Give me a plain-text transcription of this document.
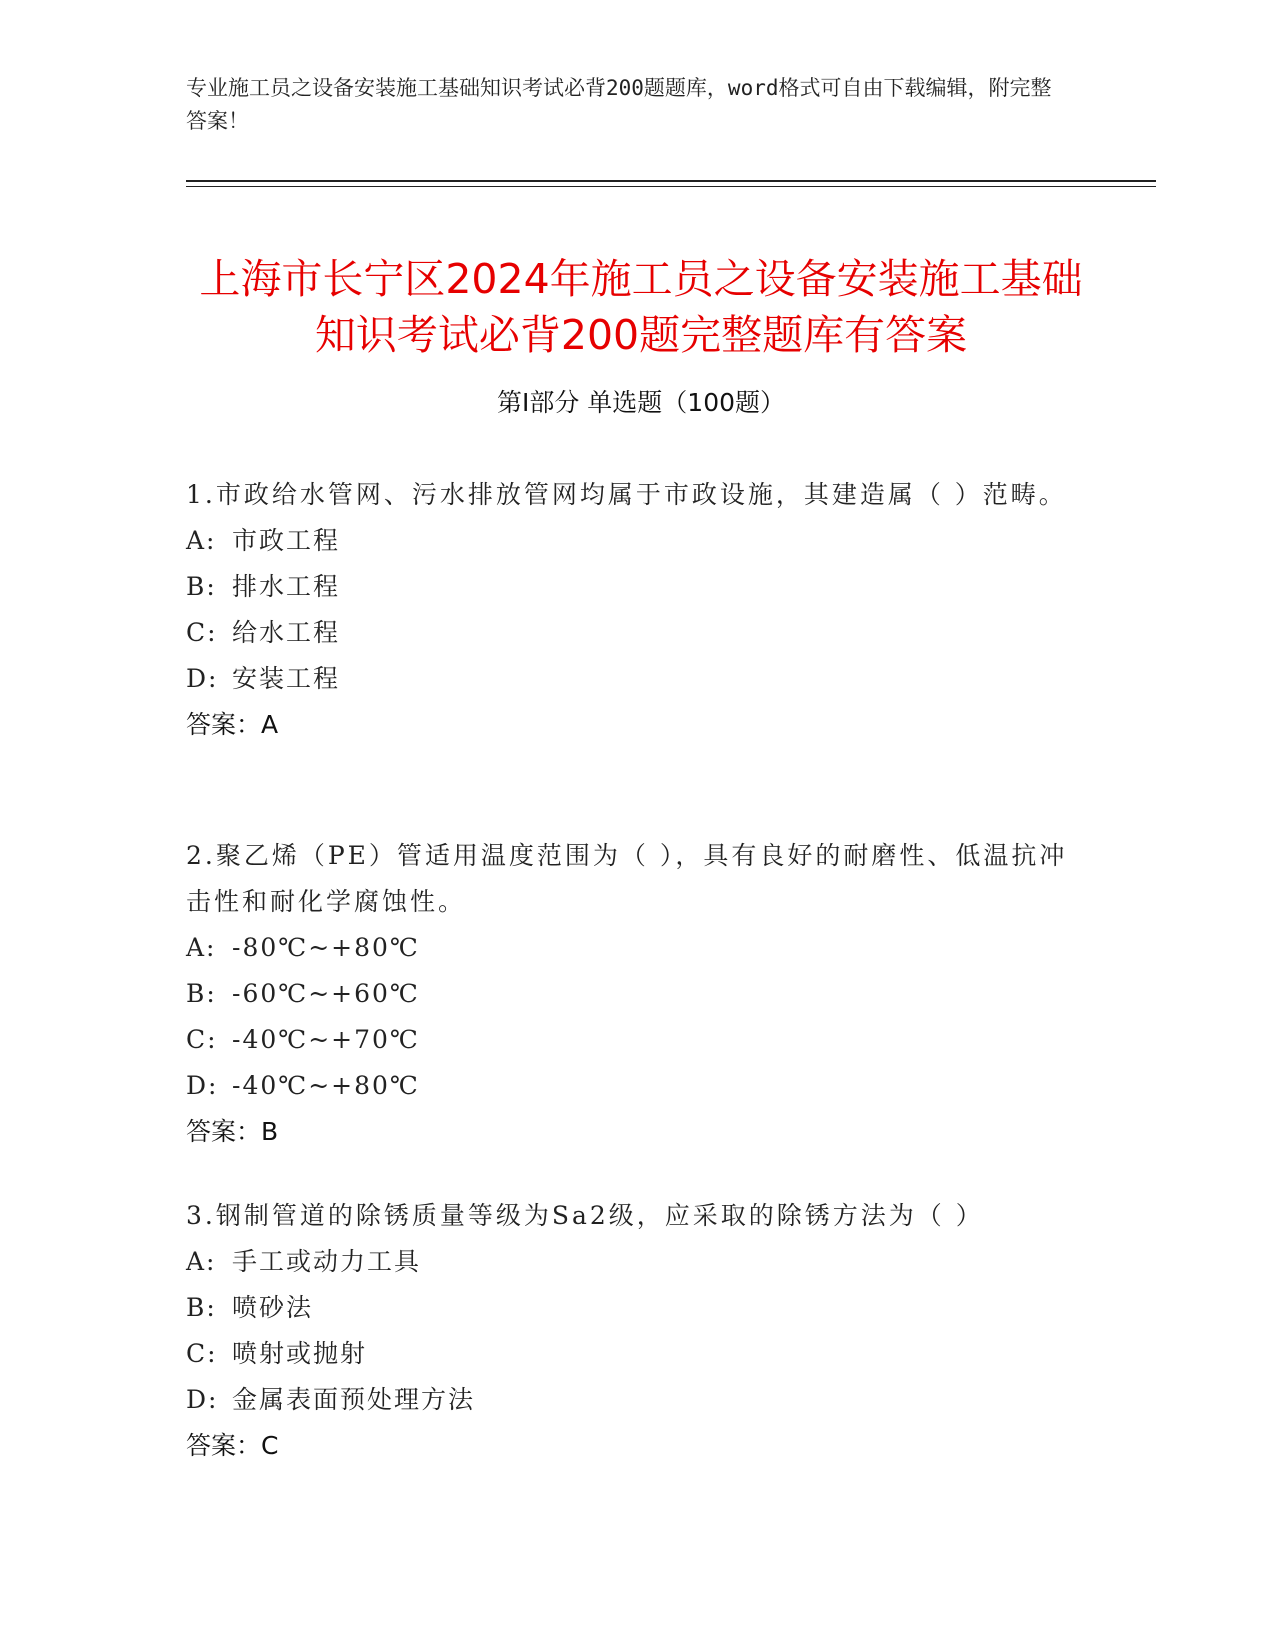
专业施工员之设备安装施工基础知识考试必背200题题库，word格式可自由下载编辑，附完整答案！
上海市长宁区2024年施工员之设备安装施工基础知识考试必背200题完整题库有答案
第Ⅰ部分 单选题（100题）
1.市政给水管网、污水排放管网均属于市政设施，其建造属（ ）范畴。
A: 市政工程
B: 排水工程
C: 给水工程
D: 安装工程
答案：A
2.聚乙烯（PE）管适用温度范围为（ ），具有良好的耐磨性、低温抗冲击性和耐化学腐蚀性。
A: -80℃~+80℃
B: -60℃~+60℃
C: -40℃~+70℃
D: -40℃~+80℃
答案：B
3.钢制管道的除锈质量等级为Sa2级，应采取的除锈方法为（ ）
A: 手工或动力工具
B: 喷砂法
C: 喷射或抛射
D: 金属表面预处理方法
答案：C
